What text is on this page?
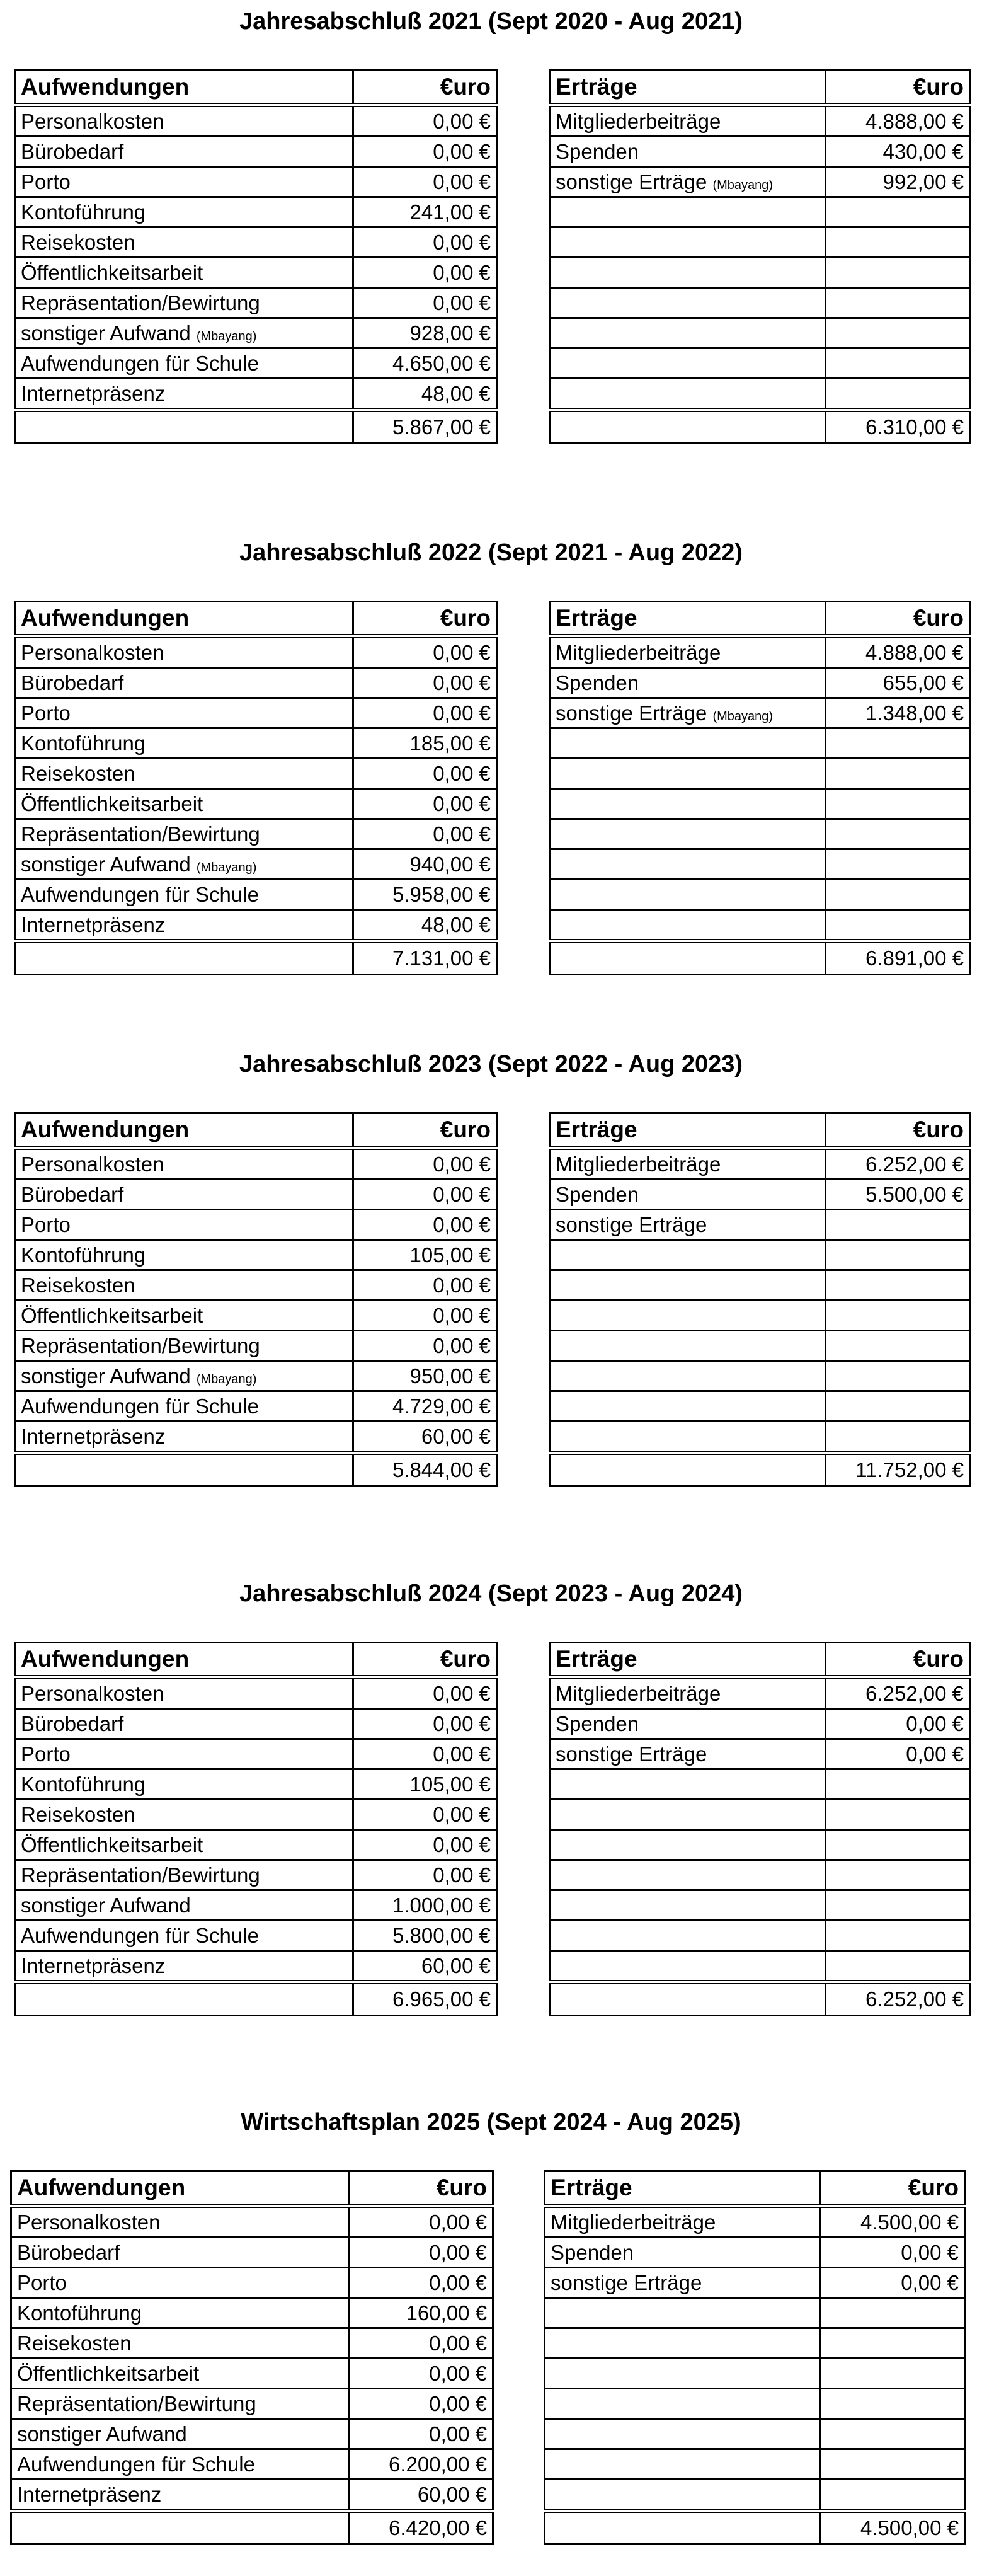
Jahresabschluß 2021 (Sept 2020 - Aug 2021)
Aufwendungen	€uro
Personalkosten	0,00 €
Bürobedarf	0,00 €
Porto	0,00 €
Kontoführung	241,00 €
Reisekosten	0,00 €
Öffentlichkeitsarbeit	0,00 €
Repräsentation/Bewirtung	0,00 €
sonstiger Aufwand (Mbayang)	928,00 €
Aufwendungen für Schule	4.650,00 €
Internetpräsenz	48,00 €
	5.867,00 €
Erträge	€uro
Mitgliederbeiträge	4.888,00 €
Spenden	430,00 €
sonstige Erträge (Mbayang)	992,00 €

	6.310,00 €
Jahresabschluß 2022 (Sept 2021 - Aug 2022)
Aufwendungen	€uro
Personalkosten	0,00 €
Bürobedarf	0,00 €
Porto	0,00 €
Kontoführung	185,00 €
Reisekosten	0,00 €
Öffentlichkeitsarbeit	0,00 €
Repräsentation/Bewirtung	0,00 €
sonstiger Aufwand (Mbayang)	940,00 €
Aufwendungen für Schule	5.958,00 €
Internetpräsenz	48,00 €
	7.131,00 €
Erträge	€uro
Mitgliederbeiträge	4.888,00 €
Spenden	655,00 €
sonstige Erträge (Mbayang)	1.348,00 €

	6.891,00 €
Jahresabschluß 2023 (Sept 2022 - Aug 2023)
Aufwendungen	€uro
Personalkosten	0,00 €
Bürobedarf	0,00 €
Porto	0,00 €
Kontoführung	105,00 €
Reisekosten	0,00 €
Öffentlichkeitsarbeit	0,00 €
Repräsentation/Bewirtung	0,00 €
sonstiger Aufwand (Mbayang)	950,00 €
Aufwendungen für Schule	4.729,00 €
Internetpräsenz	60,00 €
	5.844,00 €
Erträge	€uro
Mitgliederbeiträge	6.252,00 €
Spenden	5.500,00 €
sonstige Erträge	

	11.752,00 €
Jahresabschluß 2024 (Sept 2023 - Aug 2024)
Aufwendungen	€uro
Personalkosten	0,00 €
Bürobedarf	0,00 €
Porto	0,00 €
Kontoführung	105,00 €
Reisekosten	0,00 €
Öffentlichkeitsarbeit	0,00 €
Repräsentation/Bewirtung	0,00 €
sonstiger Aufwand	1.000,00 €
Aufwendungen für Schule	5.800,00 €
Internetpräsenz	60,00 €
	6.965,00 €
Erträge	€uro
Mitgliederbeiträge	6.252,00 €
Spenden	0,00 €
sonstige Erträge	0,00 €

	6.252,00 €
Wirtschaftsplan 2025 (Sept 2024 - Aug 2025)
Aufwendungen	€uro
Personalkosten	0,00 €
Bürobedarf	0,00 €
Porto	0,00 €
Kontoführung	160,00 €
Reisekosten	0,00 €
Öffentlichkeitsarbeit	0,00 €
Repräsentation/Bewirtung	0,00 €
sonstiger Aufwand	0,00 €
Aufwendungen für Schule	6.200,00 €
Internetpräsenz	60,00 €
	6.420,00 €
Erträge	€uro
Mitgliederbeiträge	4.500,00 €
Spenden	0,00 €
sonstige Erträge	0,00 €

	4.500,00 €
